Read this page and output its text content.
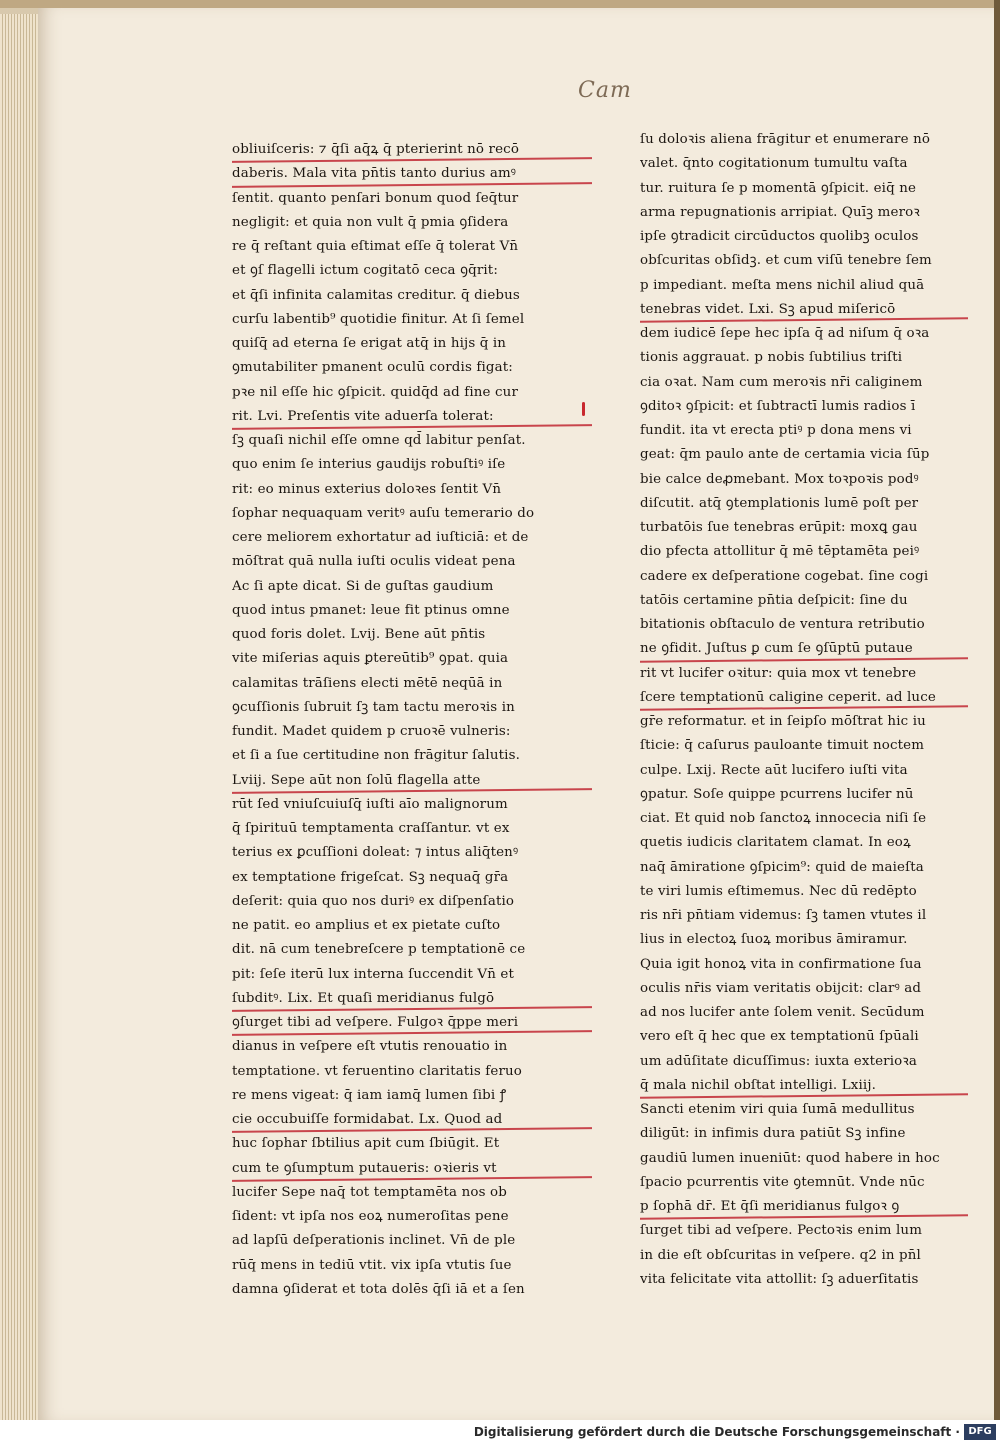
Cam
obliuiſceris: ⁊ q̄ſi aq̄ꝝ q̄ pterierint nō recō
daberis. Mala vita pn̄tis tanto durius amꝰ
ſentit. quanto penſari bonum quod ſeq̄tur
negligit: et quia non vult q̄ pmia ꝯſidera
re q̄ reſtant quia eſtimat eſſe q̄ tolerat Vn̄
et ꝯſ flagelli ictum cogitatō ceca ꝯq̄rit:
et q̄ſi infinita calamitas creditur. q̄ diebus
curſu labentib⁹ quotidie finitur. At ſi ſemel
quiſq̄ ad eterna ſe erigat atq̄ in hijs q̄ in
ꝯmutabiliter pmanent oculū cordis figat:
pꝛe nil eſſe hic ꝯſpicit. quidq̄d ad fine cur
rit. Lvi. Preſentis vite aduerſa tolerat:
ſꝫ quaſi nichil eſſe omne qd̄ labitur penſat.
quo enim ſe interius gaudijs robuſtiꝰ iſe
rit: eo minus exterius doloꝛes ſentit Vn̄
ſophar nequaquam veritꝰ auſu temerario do
cere meliorem exhortatur ad iuſticiā: et de
mōſtrat quā nulla iuſti oculis videat pena
Ac ſi apte dicat. Si de guſtas gaudium
quod intus pmanet: leue fit ptinus omne
quod foris dolet. Lvij. Bene aūt pn̄tis
vite miſerias aquis ꝑtereūtib⁹ ꝯpat. quia
calamitas trāſiens electi mētē neqūā in
ꝯcuſſionis ſubruit ſꝫ tam tactu meroꝛis in
fundit. Madet quidem p cruoꝛē vulneris:
et ſi a ſue certitudine non frāgitur ſalutis.
Lviij. Sepe aūt non ſolū flagella atte
rūt ſed vniuſcuiuſq̄ iuſti aīo malignorum
q̄ ſpirituū temptamenta craſſantur. vt ex
terius ex ꝑcuſſioni doleat: ⁊ intus aliq̄tenꝰ
ex temptatione frigeſcat. Sꝫ nequaq̄ gr̄a
deſerit: quia quo nos duriꝰ ex diſpenſatio
ne patit. eo amplius et ex pietate cuſto
dit. nā cum tenebreſcere p temptationē ce
pit: ſeſe iterū lux interna ſuccendit Vn̄ et
ſubditꝰ. Lix. Et quaſi meridianus fulgō
ꝯſurget tibi ad veſpere. Fulgoꝛ q̄ppe meri
dianus in veſpere eſt vtutis renouatio in
temptatione. vt feruentino claritatis feruo
re mens vigeat: q̄ iam iamq̄ lumen ſibi ꝭ
cie occubuiſſe formidabat. Lx. Quod ad
huc ſophar ſbtilius apit cum ſbiūgit. Et
cum te ꝯſumptum putaueris: oꝛieris vt
lucifer Sepe naq̄ tot temptamēta nos ob
ſident: vt ipſa nos eoꝝ numeroſitas pene
ad lapſū deſperationis inclinet. Vn̄ de ple
rūq̄ mens in tediū vtit. vix ipſa vtutis ſue
damna ꝯſiderat et tota dolēs q̄ſi iā et a ſen
ſu doloꝛis aliena frāgitur et enumerare nō
valet. q̄nto cogitationum tumultu vaſta
tur. ruitura ſe p momentā ꝯſpicit. eiq̄ ne
arma repugnationis arripiat. Quīꝫ meroꝛ
ipſe ꝯtradicit circūductos quolibꝫ oculos
obſcuritas obſidꝫ. et cum viſū tenebre ſem
p impediant. meſta mens nichil aliud quā
tenebras videt. Lxi. Sꝫ apud miſericō
dem iudicē ſepe hec ipſa q̄ ad niſum q̄ oꝛa
tionis aggrauat. p nobis ſubtilius triſti
cia oꝛat. Nam cum meroꝛis nr̄i caliginem
ꝯditoꝛ ꝯſpicit: et ſubtractī lumis radios ī
fundit. ita vt erecta ptiꝰ p dona mens vi
geat: q̄m paulo ante de certamia vicia ſūp
bie calce deꝓmebant. Mox toꝛpoꝛis podꝰ
diſcutit. atq̄ ꝯtemplationis lumē poſt per
turbatōis ſue tenebras erūpit: moxꝗ gau
dio pfecta attollitur q̄ mē tēptamēta peiꝰ
cadere ex deſperatione cogebat. ſine cogi
tatōis certamine pn̄tia deſpicit: ſine du
bitationis obſtaculo de ventura retributio
ne ꝯfidit. Juſtus ꝑ cum ſe ꝯſūptū putaue
rit vt lucifer oꝛitur: quia mox vt tenebre
ſcere temptationū caligine ceperit. ad luce
gr̄e reformatur. et in ſeipſo mōſtrat hic iu
ſticie: q̄ caſurus pauloante timuit noctem
culpe. Lxij. Recte aūt lucifero iuſti vita
ꝯpatur. Soſe quippe pcurrens lucifer nū
ciat. Et quid nob ſanctoꝝ innocecia niſi ſe
quetis iudicis claritatem clamat. In eoꝝ
naq̄ āmiratione ꝯſpicim⁹: quid de maieſta
te viri lumis eſtimemus. Nec dū redēpto
ris nr̄i pn̄tiam videmus: ſꝫ tamen vtutes il
lius in electoꝝ ſuoꝝ moribus āmiramur.
Quia igit honoꝝ vita in confirmatione ſua
oculis nr̄is viam veritatis obijcit: clarꝰ ad
ad nos lucifer ante ſolem venit. Secūdum
vero eſt q̄ hec que ex temptationū ſpūali
um adūſitate dicuſſimus: iuxta exterioꝛa
q̄ mala nichil obſtat intelligi. Lxiij.
Sancti etenim viri quia ſumā medullitus
diligūt: in infimis dura patiūt Sꝫ infine
gaudiū lumen inueniūt: quod habere in hoc
ſpacio pcurrentis vite ꝯtemnūt. Vnde nūc
p ſophā dr̄. Et q̄ſi meridianus fulgoꝛ ꝯ
ſurget tibi ad veſpere. Pectoꝛis enim lum
in die eſt obſcuritas in veſpere. q2 in pn̄l
vita felicitate vita attollit: ſꝫ aduerſitatis
Digitalisierung gefördert durch die Deutsche Forschungsgemeinschaft · DFG
